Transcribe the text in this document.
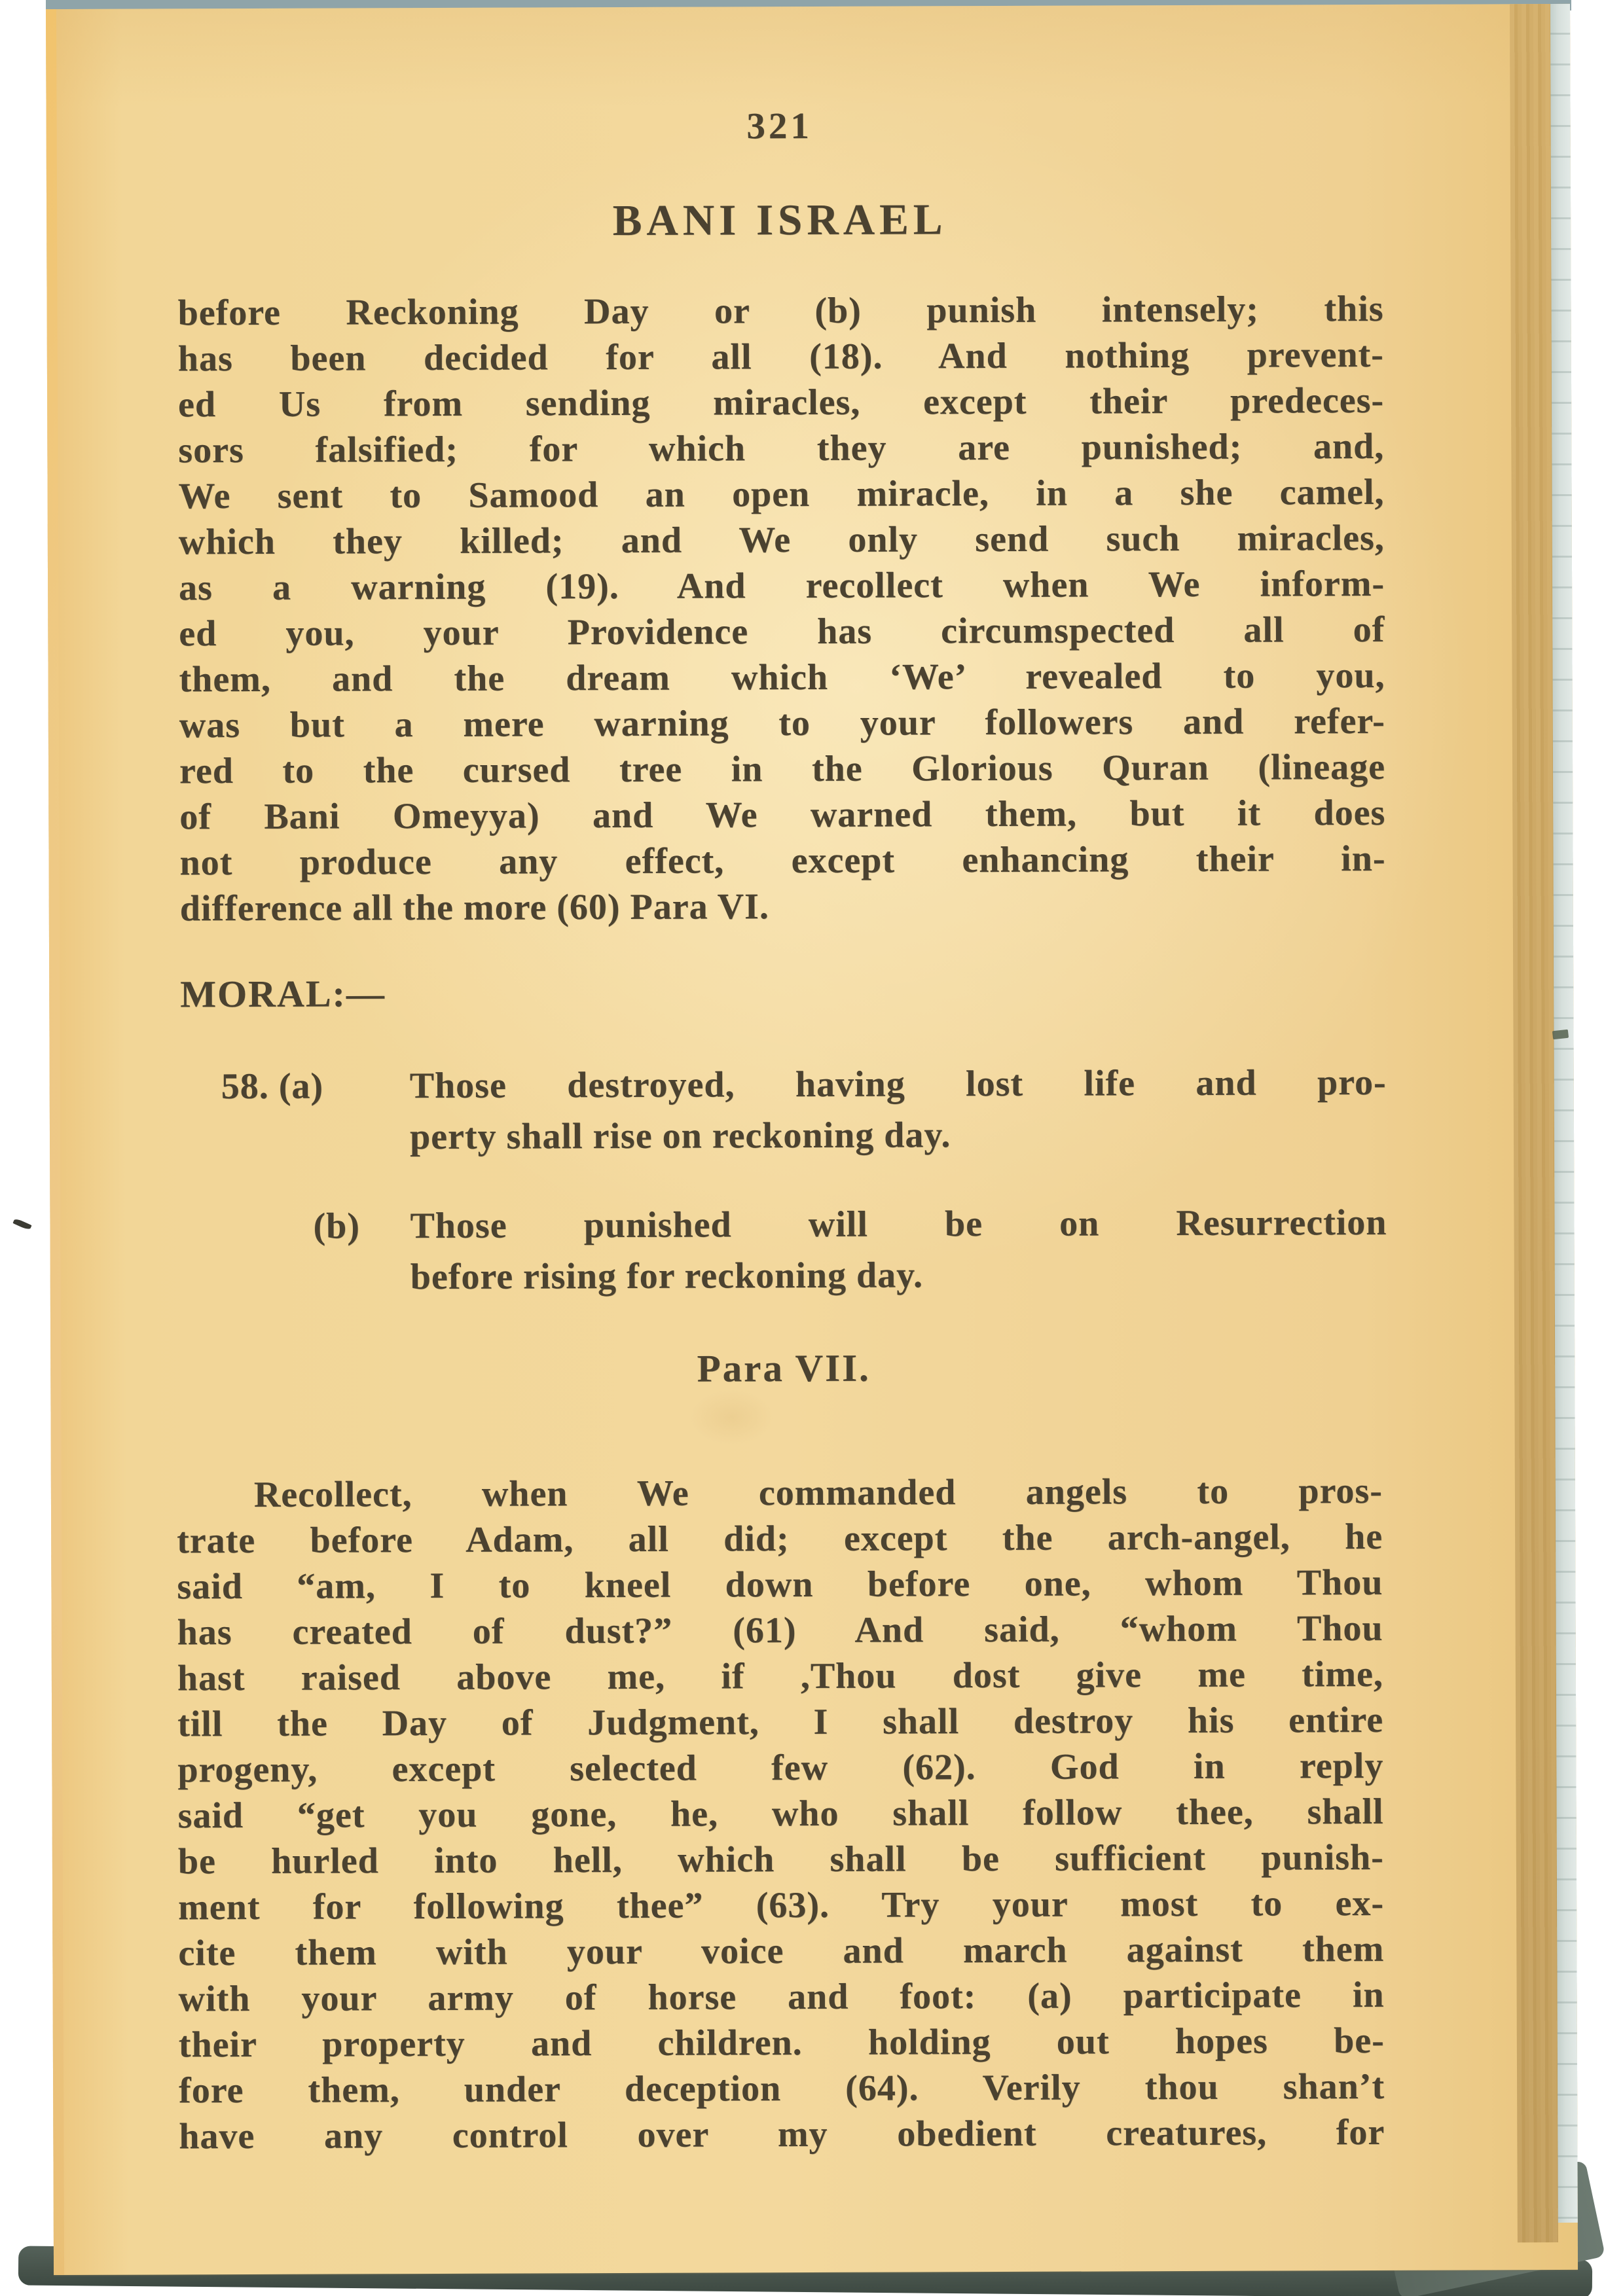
321
BANI ISRAEL
before Reckoning Day or (b) punish intensely; this
has been decided for all (18). And nothing prevent-
ed Us from sending miracles, except their predeces-
sors falsified; for which they are punished; and,
We sent to Samood an open miracle, in a she camel,
which they killed; and We only send such miracles,
as a warning (19). And recollect when We inform-
ed you, your Providence has circumspected all of
them, and the dream which ‘We’ revealed to you,
was but a mere warning to your followers and refer-
red to the cursed tree in the Glorious Quran (lineage
of Bani Omeyya) and We warned them, but it does
not produce any effect, except enhancing their in-
difference all the more (60) Para VI.
MORAL:—
58. (a)	Those destroyed, having lost life and pro-
perty shall rise on reckoning day.
(b)	Those punished will be on Resurrection
before rising for reckoning day.
Para VII.
Recollect, when We commanded angels to pros-
trate before Adam, all did; except the arch-angel, he
said “am, I to kneel down before one, whom Thou
has created of dust?” (61) And said, “whom Thou
hast raised above me, if ,Thou dost give me time,
till the Day of Judgment, I shall destroy his entire
progeny, except selected few (62). God in reply
said “get you gone, he, who shall follow thee, shall
be hurled into hell, which shall be sufficient punish-
ment for following thee” (63). Try your most to ex-
cite them with your voice and march against them
with your army of horse and foot: (a) participate in
their property and children. holding out hopes be-
fore them, under deception (64). Verily thou shan’t
have any control over my obedient creatures, for
